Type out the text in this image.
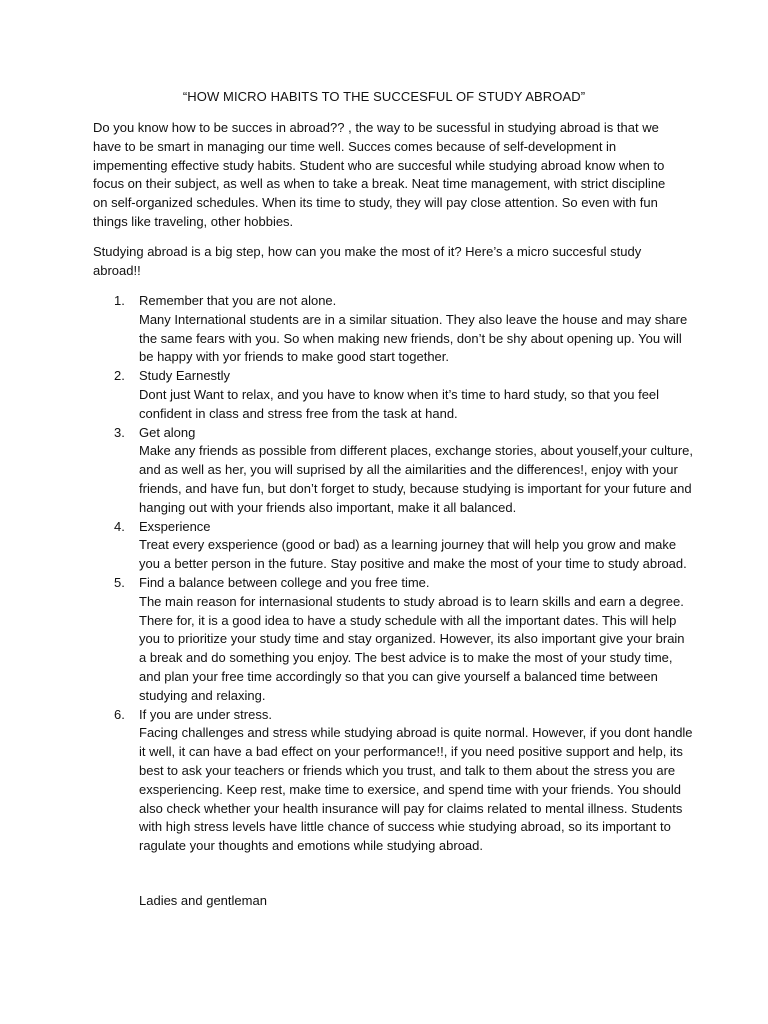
“HOW MICRO HABITS TO THE SUCCESFUL OF STUDY ABROAD”

Do you know how to be succes in abroad?? , the way to be sucessful in studying abroad is that we have to be smart in managing our time well. Succes comes because of self-development in impementing effective study habits. Student who are succesful while studying abroad know when to focus on their subject, as well as when to take a break. Neat time management, with strict discipline on self-organized schedules. When its time to study, they will pay close attention. So even with fun things like traveling, other hobbies.

Studying abroad is a big step, how can you make the most of it? Here’s a micro succesful study abroad!!

1. Remember that you are not alone.
Many International students are in a similar situation. They also leave the house and may share the same fears with you. So when making new friends, don’t be shy about opening up. You will be happy with yor friends to make good start together.
2. Study Earnestly
Dont just Want to relax, and you have to know when it’s time to hard study, so that you feel confident in class and stress free from the task at hand.
3. Get along
Make any friends as possible from different places, exchange stories, about youself,your culture, and as well as her, you will suprised by all the aimilarities and the differences!, enjoy with your friends, and have fun, but don’t forget to study, because studying is important for your future and hanging out with your friends also important, make it all balanced.
4. Exsperience
Treat every exsperience (good or bad) as a learning journey that will help you grow and make you a better person in the future. Stay positive and make the most of your time to study abroad.
5. Find a balance between college and you free time.
The main reason for internasional students to study abroad is to learn skills and earn a degree. There for, it is a good idea to have a study schedule with all the important dates. This will help you to prioritize your study time and stay organized. However, its also important give your brain a break and do something you enjoy. The best advice is to make the most of your study time, and plan your free time accordingly so that you can give yourself a balanced time between studying and relaxing.
6. If you are under stress.
Facing challenges and stress while studying abroad is quite normal. However, if you dont handle it well, it can have a bad effect on your performance!!, if you need positive support and help, its best to ask your teachers or friends which you trust, and talk to them about the stress you are exsperiencing. Keep rest, make time to exersice, and spend time with your friends. You should also check whether your health insurance will pay for claims related to mental illness. Students with high stress levels have little chance of success whie studying abroad, so its important to ragulate your thoughts and emotions while studying abroad.

Ladies and gentleman
